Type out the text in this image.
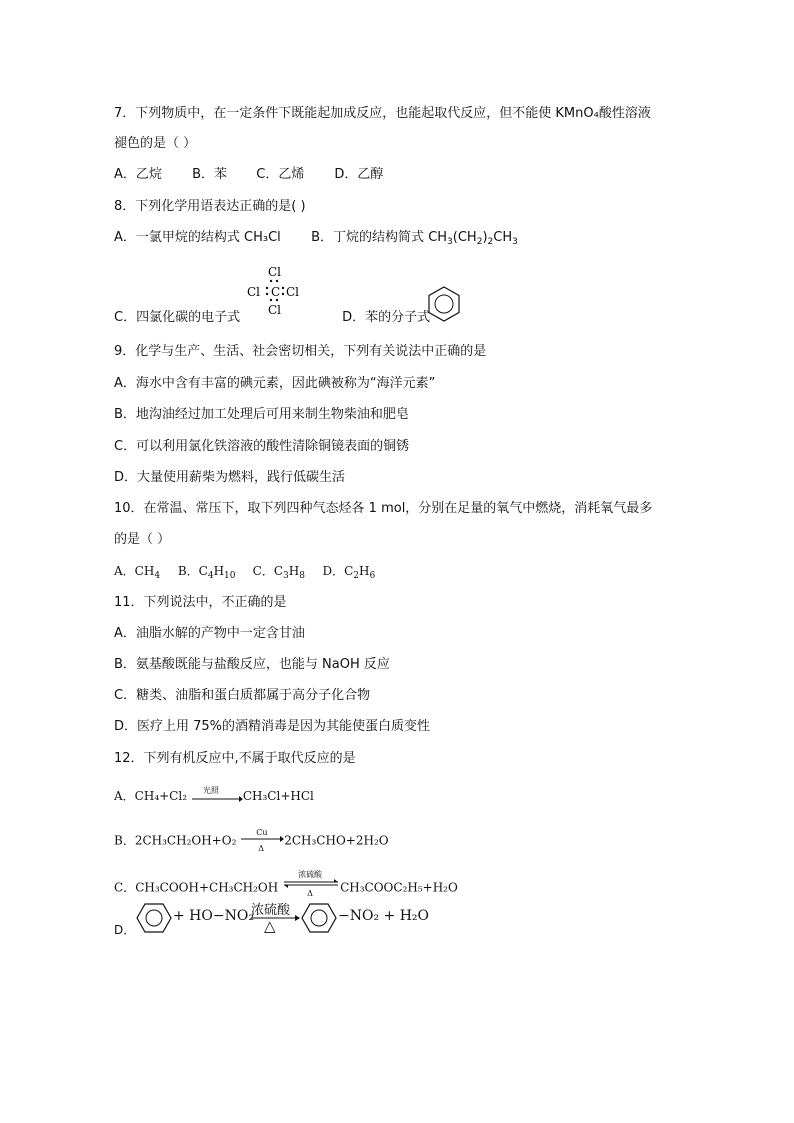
7．下列物质中，在一定条件下既能起加成反应，也能起取代反应，但不能使 KMnO₄酸性溶液
褪色的是（ ）
A．乙烷 B．苯 C．乙烯 D．乙醇
8．下列化学用语表达正确的是( )
A．一氯甲烷的结构式 CH₃Cl B．丁烷的结构简式 $CH_3(CH_2)_2CH_3$
Cl
Cl C Cl
Cl
C．四氯化碳的电子式	D．苯的分子式
9．化学与生产、生活、社会密切相关，下列有关说法中正确的是
A．海水中含有丰富的碘元素，因此碘被称为“海洋元素”
B．地沟油经过加工处理后可用来制生物柴油和肥皂
C．可以利用氯化铁溶液的酸性清除铜镜表面的铜锈
D．大量使用薪柴为燃料，践行低碳生活
10．在常温、常压下，取下列四种气态烃各 1 mol，分别在足量的氧气中燃烧，消耗氧气最多
的是（ ）
A．$CH_4$ B．$C_4H_{10}$ C．$C_3H_8$ D．$C_2H_6$
11．下列说法中，不正确的是
A．油脂水解的产物中一定含甘油
B．氨基酸既能与盐酸反应，也能与 NaOH 反应
C．糖类、油脂和蛋白质都属于高分子化合物
D．医疗上用 75%的酒精消毒是因为其能使蛋白质变性
12．下列有机反应中,不属于取代反应的是
A．CH₄+Cl₂ 光照 CH₃Cl+HCl
B．2CH₃CH₂OH+O₂
Cu
Δ
2CH₃CHO+2H₂O
C．CH₃COOH+CH₃CH₂OH
浓硫酸
Δ CH₃COOC₂H₅+H₂O
D．
+ HO−NO₂
浓硫酸
△
−NO₂ + H₂O
